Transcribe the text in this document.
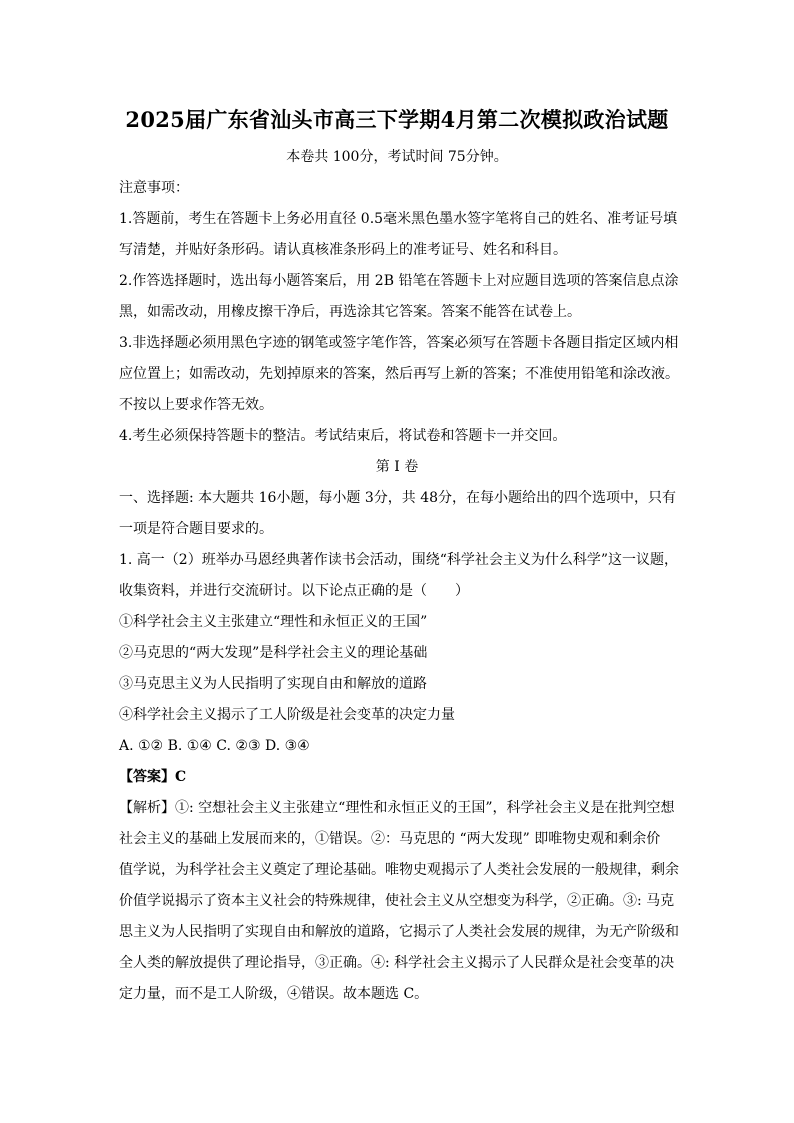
2025届广东省汕头市高三下学期4月第二次模拟政治试题
本卷共 100分，考试时间 75分钟。
注意事项：
1.答题前，考生在答题卡上务必用直径 0.5毫米黑色墨水签字笔将自己的姓名、准考证号填
写清楚，并贴好条形码。请认真核准条形码上的准考证号、姓名和科目。
2.作答选择题时，选出每小题答案后，用 2B 铅笔在答题卡上对应题目选项的答案信息点涂
黑，如需改动，用橡皮擦干净后，再选涂其它答案。答案不能答在试卷上。
3.非选择题必须用黑色字迹的钢笔或签字笔作答，答案必须写在答题卡各题目指定区域内相
应位置上；如需改动，先划掉原来的答案，然后再写上新的答案；不准使用铅笔和涂改液。
不按以上要求作答无效。
4.考生必须保持答题卡的整洁。考试结束后，将试卷和答题卡一并交回。
第 I 卷
一、选择题: 本大题共 16小题，每小题 3分，共 48分，在每小题给出的四个选项中，只有
一项是符合题目要求的。
1. 高一（2）班举办马恩经典著作读书会活动，围绕“科学社会主义为什么科学”这一议题，
收集资料，并进行交流研讨。以下论点正确的是（　　）
①科学社会主义主张建立“理性和永恒正义的王国”
②马克思的“两大发现”是科学社会主义的理论基础
③马克思主义为人民指明了实现自由和解放的道路
④科学社会主义揭示了工人阶级是社会变革的决定力量
A. ①② B. ①④ C. ②③ D. ③④
【答案】C
【解析】①: 空想社会主义主张建立“理性和永恒正义的王国”，科学社会主义是在批判空想
社会主义的基础上发展而来的，①错误。②：马克思的 “两大发现” 即唯物史观和剩余价
值学说，为科学社会主义奠定了理论基础。唯物史观揭示了人类社会发展的一般规律，剩余
价值学说揭示了资本主义社会的特殊规律，使社会主义从空想变为科学，②正确。③: 马克
思主义为人民指明了实现自由和解放的道路，它揭示了人类社会发展的规律，为无产阶级和
全人类的解放提供了理论指导，③正确。④: 科学社会主义揭示了人民群众是社会变革的决
定力量，而不是工人阶级，④错误。故本题选 C。
